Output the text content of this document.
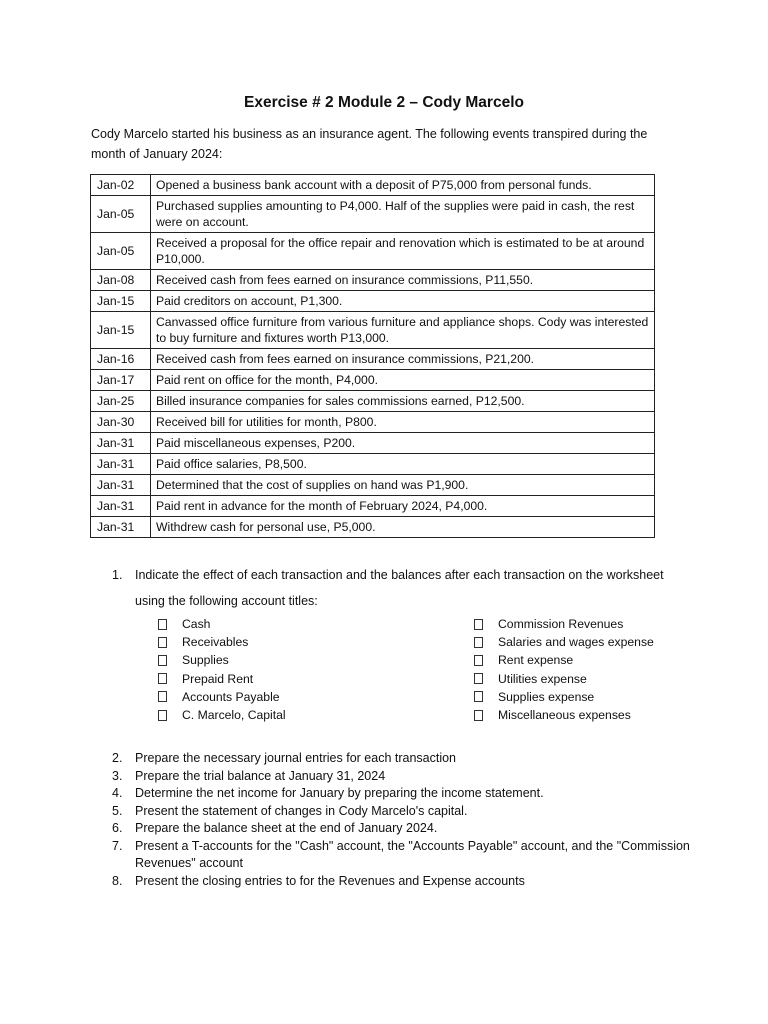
Exercise # 2 Module 2 – Cody Marcelo
Cody Marcelo started his business as an insurance agent. The following events transpired during the month of January 2024:
Jan-02	Opened a business bank account with a deposit of P75,000 from personal funds.
Jan-05	Purchased supplies amounting to P4,000. Half of the supplies were paid in cash, the rest were on account.
Jan-05	Received a proposal for the office repair and renovation which is estimated to be at around P10,000.
Jan-08	Received cash from fees earned on insurance commissions, P11,550.
Jan-15	Paid creditors on account, P1,300.
Jan-15	Canvassed office furniture from various furniture and appliance shops. Cody was interested to buy furniture and fixtures worth P13,000.
Jan-16	Received cash from fees earned on insurance commissions, P21,200.
Jan-17	Paid rent on office for the month, P4,000.
Jan-25	Billed insurance companies for sales commissions earned, P12,500.
Jan-30	Received bill for utilities for month, P800.
Jan-31	Paid miscellaneous expenses, P200.
Jan-31	Paid office salaries, P8,500.
Jan-31	Determined that the cost of supplies on hand was P1,900.
Jan-31	Paid rent in advance for the month of February 2024, P4,000.
Jan-31	Withdrew cash for personal use, P5,000.
1. Indicate the effect of each transaction and the balances after each transaction on the worksheet using the following account titles:
Cash
Receivables
Supplies
Prepaid Rent
Accounts Payable
C. Marcelo, Capital
Commission Revenues
Salaries and wages expense
Rent expense
Utilities expense
Supplies expense
Miscellaneous expenses
2.	Prepare the necessary journal entries for each transaction
3.	Prepare the trial balance at January 31, 2024
4.	Determine the net income for January by preparing the income statement.
5.	Present the statement of changes in Cody Marcelo's capital.
6.	Prepare the balance sheet at the end of January 2024.
7.	Present a T-accounts for the "Cash" account, the "Accounts Payable" account, and the "Commission Revenues" account
8.	Present the closing entries to for the Revenues and Expense accounts
